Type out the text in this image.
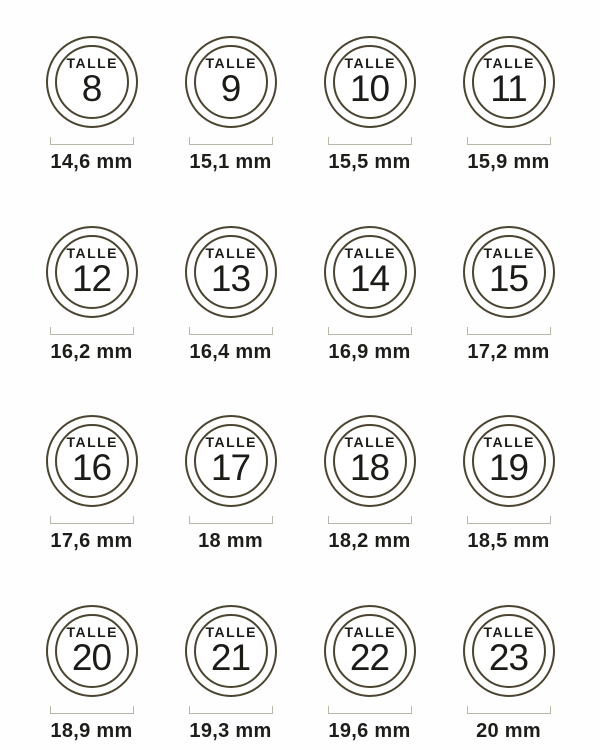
TALLE
8
14,6 mm
TALLE
9
15,1 mm
TALLE
10
15,5 mm
TALLE
11
15,9 mm
TALLE
12
16,2 mm
TALLE
13
16,4 mm
TALLE
14
16,9 mm
TALLE
15
17,2 mm
TALLE
16
17,6 mm
TALLE
17
18 mm
TALLE
18
18,2 mm
TALLE
19
18,5 mm
TALLE
20
18,9 mm
TALLE
21
19,3 mm
TALLE
22
19,6 mm
TALLE
23
20 mm
